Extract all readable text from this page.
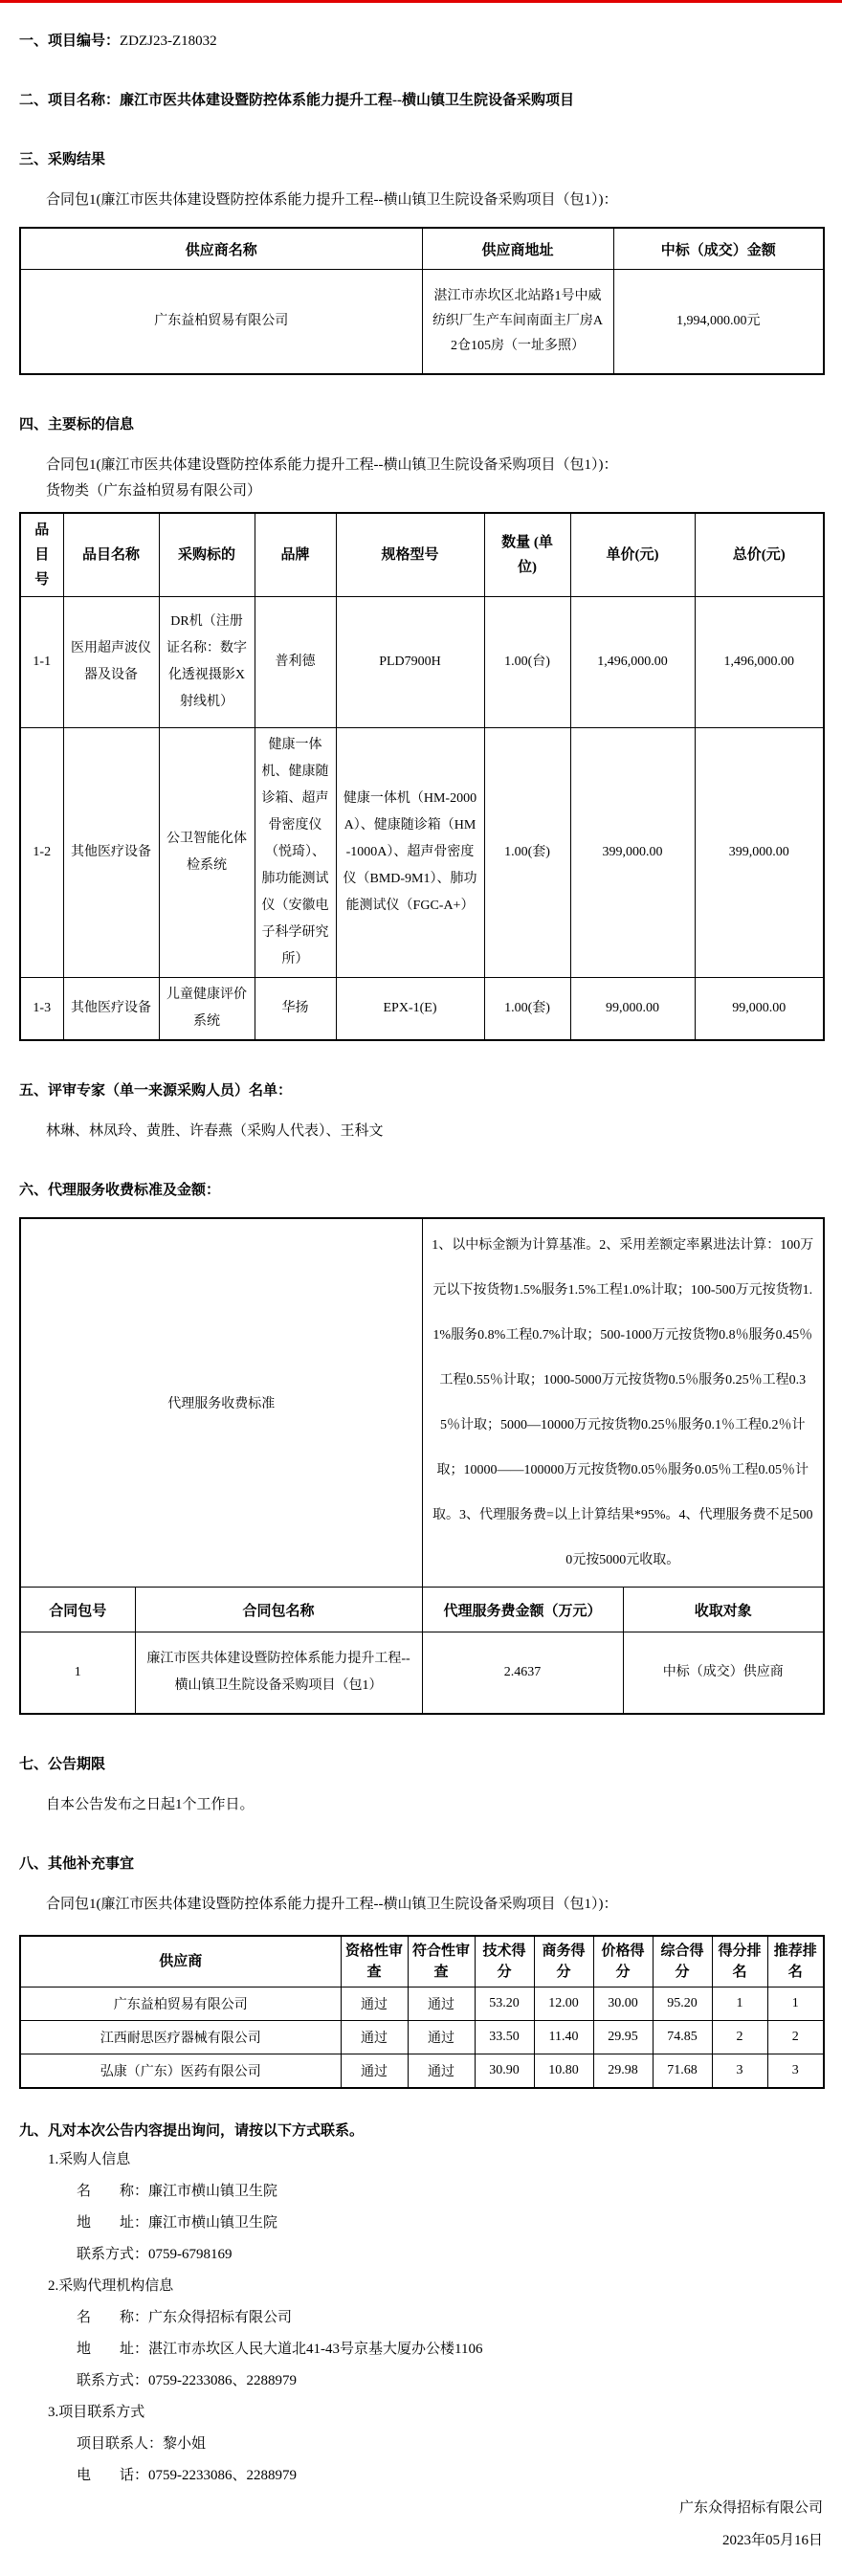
一、项目编号：ZDZJ23-Z18032

二、项目名称：廉江市医共体建设暨防控体系能力提升工程--横山镇卫生院设备采购项目

三、采购结果

合同包1(廉江市医共体建设暨防控体系能力提升工程--横山镇卫生院设备采购项目（包1）)：

供应商名称	供应商地址	中标（成交）金额
广东益柏贸易有限公司	湛江市赤坎区北站路1号中威纺织厂生产车间南面主厂房A2仓105房（一址多照）	1,994,000.00元

四、主要标的信息

合同包1(廉江市医共体建设暨防控体系能力提升工程--横山镇卫生院设备采购项目（包1）)：

货物类（广东益柏贸易有限公司）

品目号	品目名称	采购标的	品牌	规格型号	数量 (单位)	单价(元)	总价(元)
1-1	医用超声波仪器及设备	DR机（注册证名称：数字化透视摄影X射线机）	普利德	PLD7900H	1.00(台)	1,496,000.00	1,496,000.00
1-2	其他医疗设备	公卫智能化体检系统	健康一体机、健康随诊箱、超声骨密度仪（悦琦）、肺功能测试仪（安徽电子科学研究所）	健康一体机（HM-2000A）、健康随诊箱（HM-1000A）、超声骨密度仪（BMD-9M1）、肺功能测试仪（FGC-A+）	1.00(套)	399,000.00	399,000.00
1-3	其他医疗设备	儿童健康评价系统	华扬	EPX-1(E)	1.00(套)	99,000.00	99,000.00

五、评审专家（单一来源采购人员）名单：

林琳、林凤玲、黄胜、许春燕（采购人代表）、王科文

六、代理服务收费标准及金额：

代理服务收费标准		1、以中标金额为计算基准。2、采用差额定率累进法计算：100万元以下按货物1.5%服务1.5%工程1.0%计取；100-500万元按货物1.1%服务0.8%工程0.7%计取；500-1000万元按货物0.8％服务0.45％工程0.55％计取；1000-5000万元按货物0.5％服务0.25％工程0.35％计取；5000—10000万元按货物0.25％服务0.1％工程0.2％计取；10000——100000万元按货物0.05％服务0.05％工程0.05％计取。3、代理服务费=以上计算结果*95%。4、代理服务费不足5000元按5000元收取。	
合同包号	合同包名称	代理服务费金额（万元）	收取对象
1	廉江市医共体建设暨防控体系能力提升工程--横山镇卫生院设备采购项目（包1）	2.4637	中标（成交）供应商

七、公告期限

自本公告发布之日起1个工作日。

八、其他补充事宜

合同包1(廉江市医共体建设暨防控体系能力提升工程--横山镇卫生院设备采购项目（包1）)：

供应商	资格性审查	符合性审查	技术得分	商务得分	价格得分	综合得分	得分排名	推荐排名
广东益柏贸易有限公司	通过	通过	53.20	12.00	30.00	95.20	1	1
江西耐思医疗器械有限公司	通过	通过	33.50	11.40	29.95	74.85	2	2
弘康（广东）医药有限公司	通过	通过	30.90	10.80	29.98	71.68	3	3

九、凡对本次公告内容提出询问，请按以下方式联系。

1.采购人信息

名　　称：廉江市横山镇卫生院

地　　址：廉江市横山镇卫生院

联系方式：0759-6798169

2.采购代理机构信息

名　　称：广东众得招标有限公司

地　　址：湛江市赤坎区人民大道北41-43号京基大厦办公楼1106

联系方式：0759-2233086、2288979

3.项目联系方式

项目联系人：黎小姐

电　　话：0759-2233086、2288979

广东众得招标有限公司

2023年05月16日
